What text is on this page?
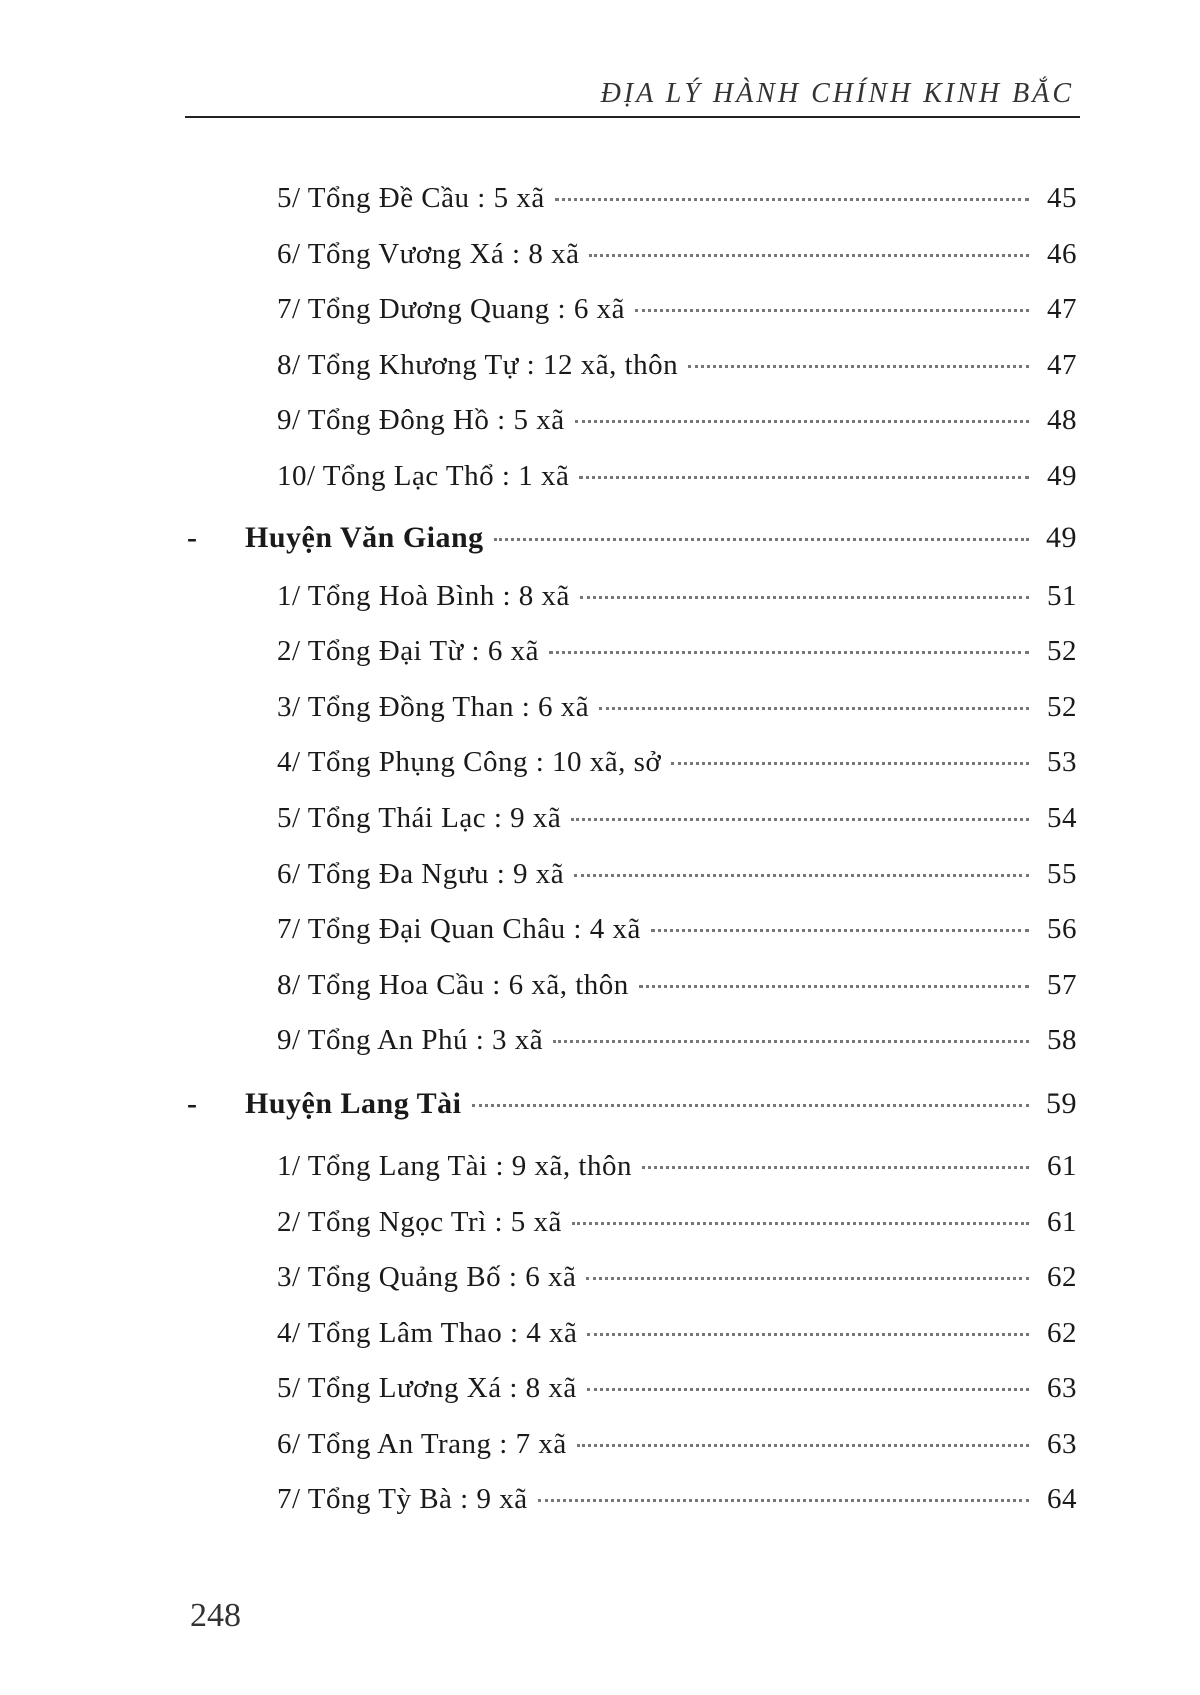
ĐỊA LÝ HÀNH CHÍNH KINH BẮC
5/ Tổng Đề Cầu : 5 xã	45
6/ Tổng Vương Xá : 8 xã	46
7/ Tổng Dương Quang : 6 xã	47
8/ Tổng Khương Tự : 12 xã, thôn	47
9/ Tổng Đông Hồ : 5 xã	48
10/ Tổng Lạc Thổ : 1 xã	49
-	Huyện Văn Giang	49
1/ Tổng Hoà Bình : 8 xã	51
2/ Tổng Đại Từ : 6 xã	52
3/ Tổng Đồng Than : 6 xã	52
4/ Tổng Phụng Công : 10 xã, sở	53
5/ Tổng Thái Lạc : 9 xã	54
6/ Tổng Đa Ngưu : 9 xã	55
7/ Tổng Đại Quan Châu : 4 xã	56
8/ Tổng Hoa Cầu : 6 xã, thôn	57
9/ Tổng An Phú : 3 xã	58
-	Huyện Lang Tài	59
1/ Tổng Lang Tài : 9 xã, thôn	61
2/ Tổng Ngọc Trì : 5 xã	61
3/ Tổng Quảng Bố : 6 xã	62
4/ Tổng Lâm Thao : 4 xã	62
5/ Tổng Lương Xá : 8 xã	63
6/ Tổng An Trang : 7 xã	63
7/ Tổng Tỳ Bà : 9 xã	64
248
